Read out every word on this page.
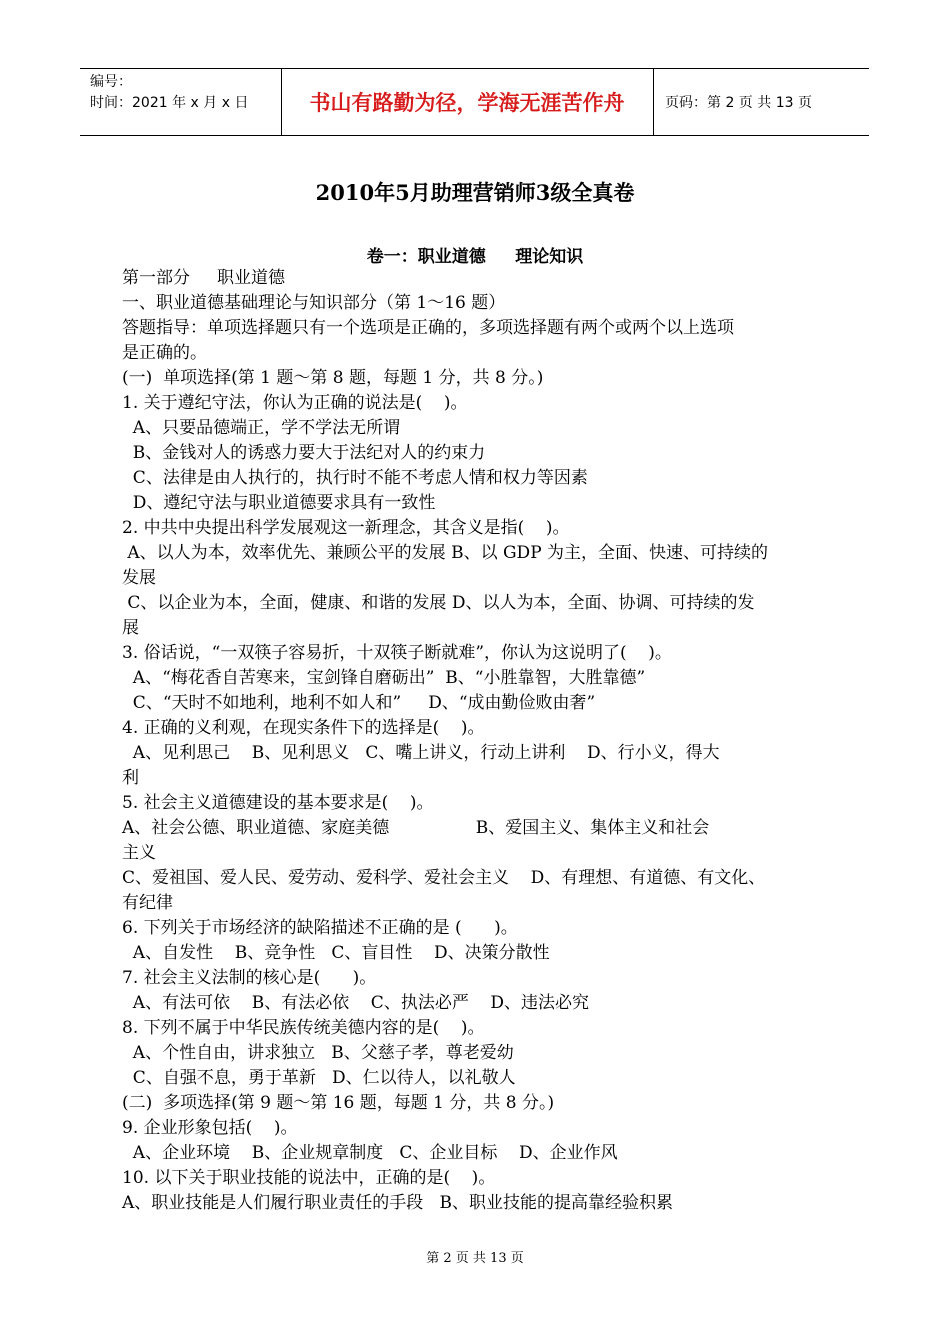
编号：
时间：2021 年 x 月 x 日	书山有路勤为径，学海无涯苦作舟	页码：第 2 页 共 13 页
2010年5月助理营销师3级全真卷
卷一：职业道德     理论知识
第一部分     职业道德
一、职业道德基础理论与知识部分（第 1～16 题）
答题指导：单项选择题只有一个选项是正确的，多项选择题有两个或两个以上选项
是正确的。
(一)  单项选择(第 1 题～第 8 题，每题 1 分，共 8 分。)
1. 关于遵纪守法，你认为正确的说法是(    )。
A、只要品德端正，学不学法无所谓
B、金钱对人的诱惑力要大于法纪对人的约束力
C、法律是由人执行的，执行时不能不考虑人情和权力等因素
D、遵纪守法与职业道德要求具有一致性
2. 中共中央提出科学发展观这一新理念，其含义是指(    )。
A、以人为本，效率优先、兼顾公平的发展 B、以 GDP 为主，全面、快速、可持续的
发展
C、以企业为本，全面，健康、和谐的发展 D、以人为本，全面、协调、可持续的发
展
3. 俗话说，“一双筷子容易折，十双筷子断就难”，你认为这说明了(    )。
A、“梅花香自苦寒来，宝剑锋自磨砺出”  B、“小胜靠智，大胜靠德”
C、“天时不如地利，地利不如人和”     D、“成由勤俭败由奢”
4. 正确的义利观，在现实条件下的选择是(    )。
A、见利思己    B、见利思义   C、嘴上讲义，行动上讲利    D、行小义，得大
利
5. 社会主义道德建设的基本要求是(    )。
A、社会公德、职业道德、家庭美德                B、爱国主义、集体主义和社会
主义
C、爱祖国、爱人民、爱劳动、爱科学、爱社会主义    D、有理想、有道德、有文化、
有纪律
6. 下列关于市场经济的缺陷描述不正确的是 (      )。
A、自发性    B、竞争性   C、盲目性    D、决策分散性
7. 社会主义法制的核心是(      )。
A、有法可依    B、有法必依    C、执法必严    D、违法必究
8. 下列不属于中华民族传统美德内容的是(    )。
A、个性自由，讲求独立   B、父慈子孝，尊老爱幼
C、自强不息，勇于革新   D、仁以待人，以礼敬人
(二)  多项选择(第 9 题～第 16 题，每题 1 分，共 8 分。)
9. 企业形象包括(    )。
A、企业环境    B、企业规章制度   C、企业目标    D、企业作风
10. 以下关于职业技能的说法中，正确的是(    )。
A、职业技能是人们履行职业责任的手段   B、职业技能的提高靠经验积累
第 2 页 共 13 页
